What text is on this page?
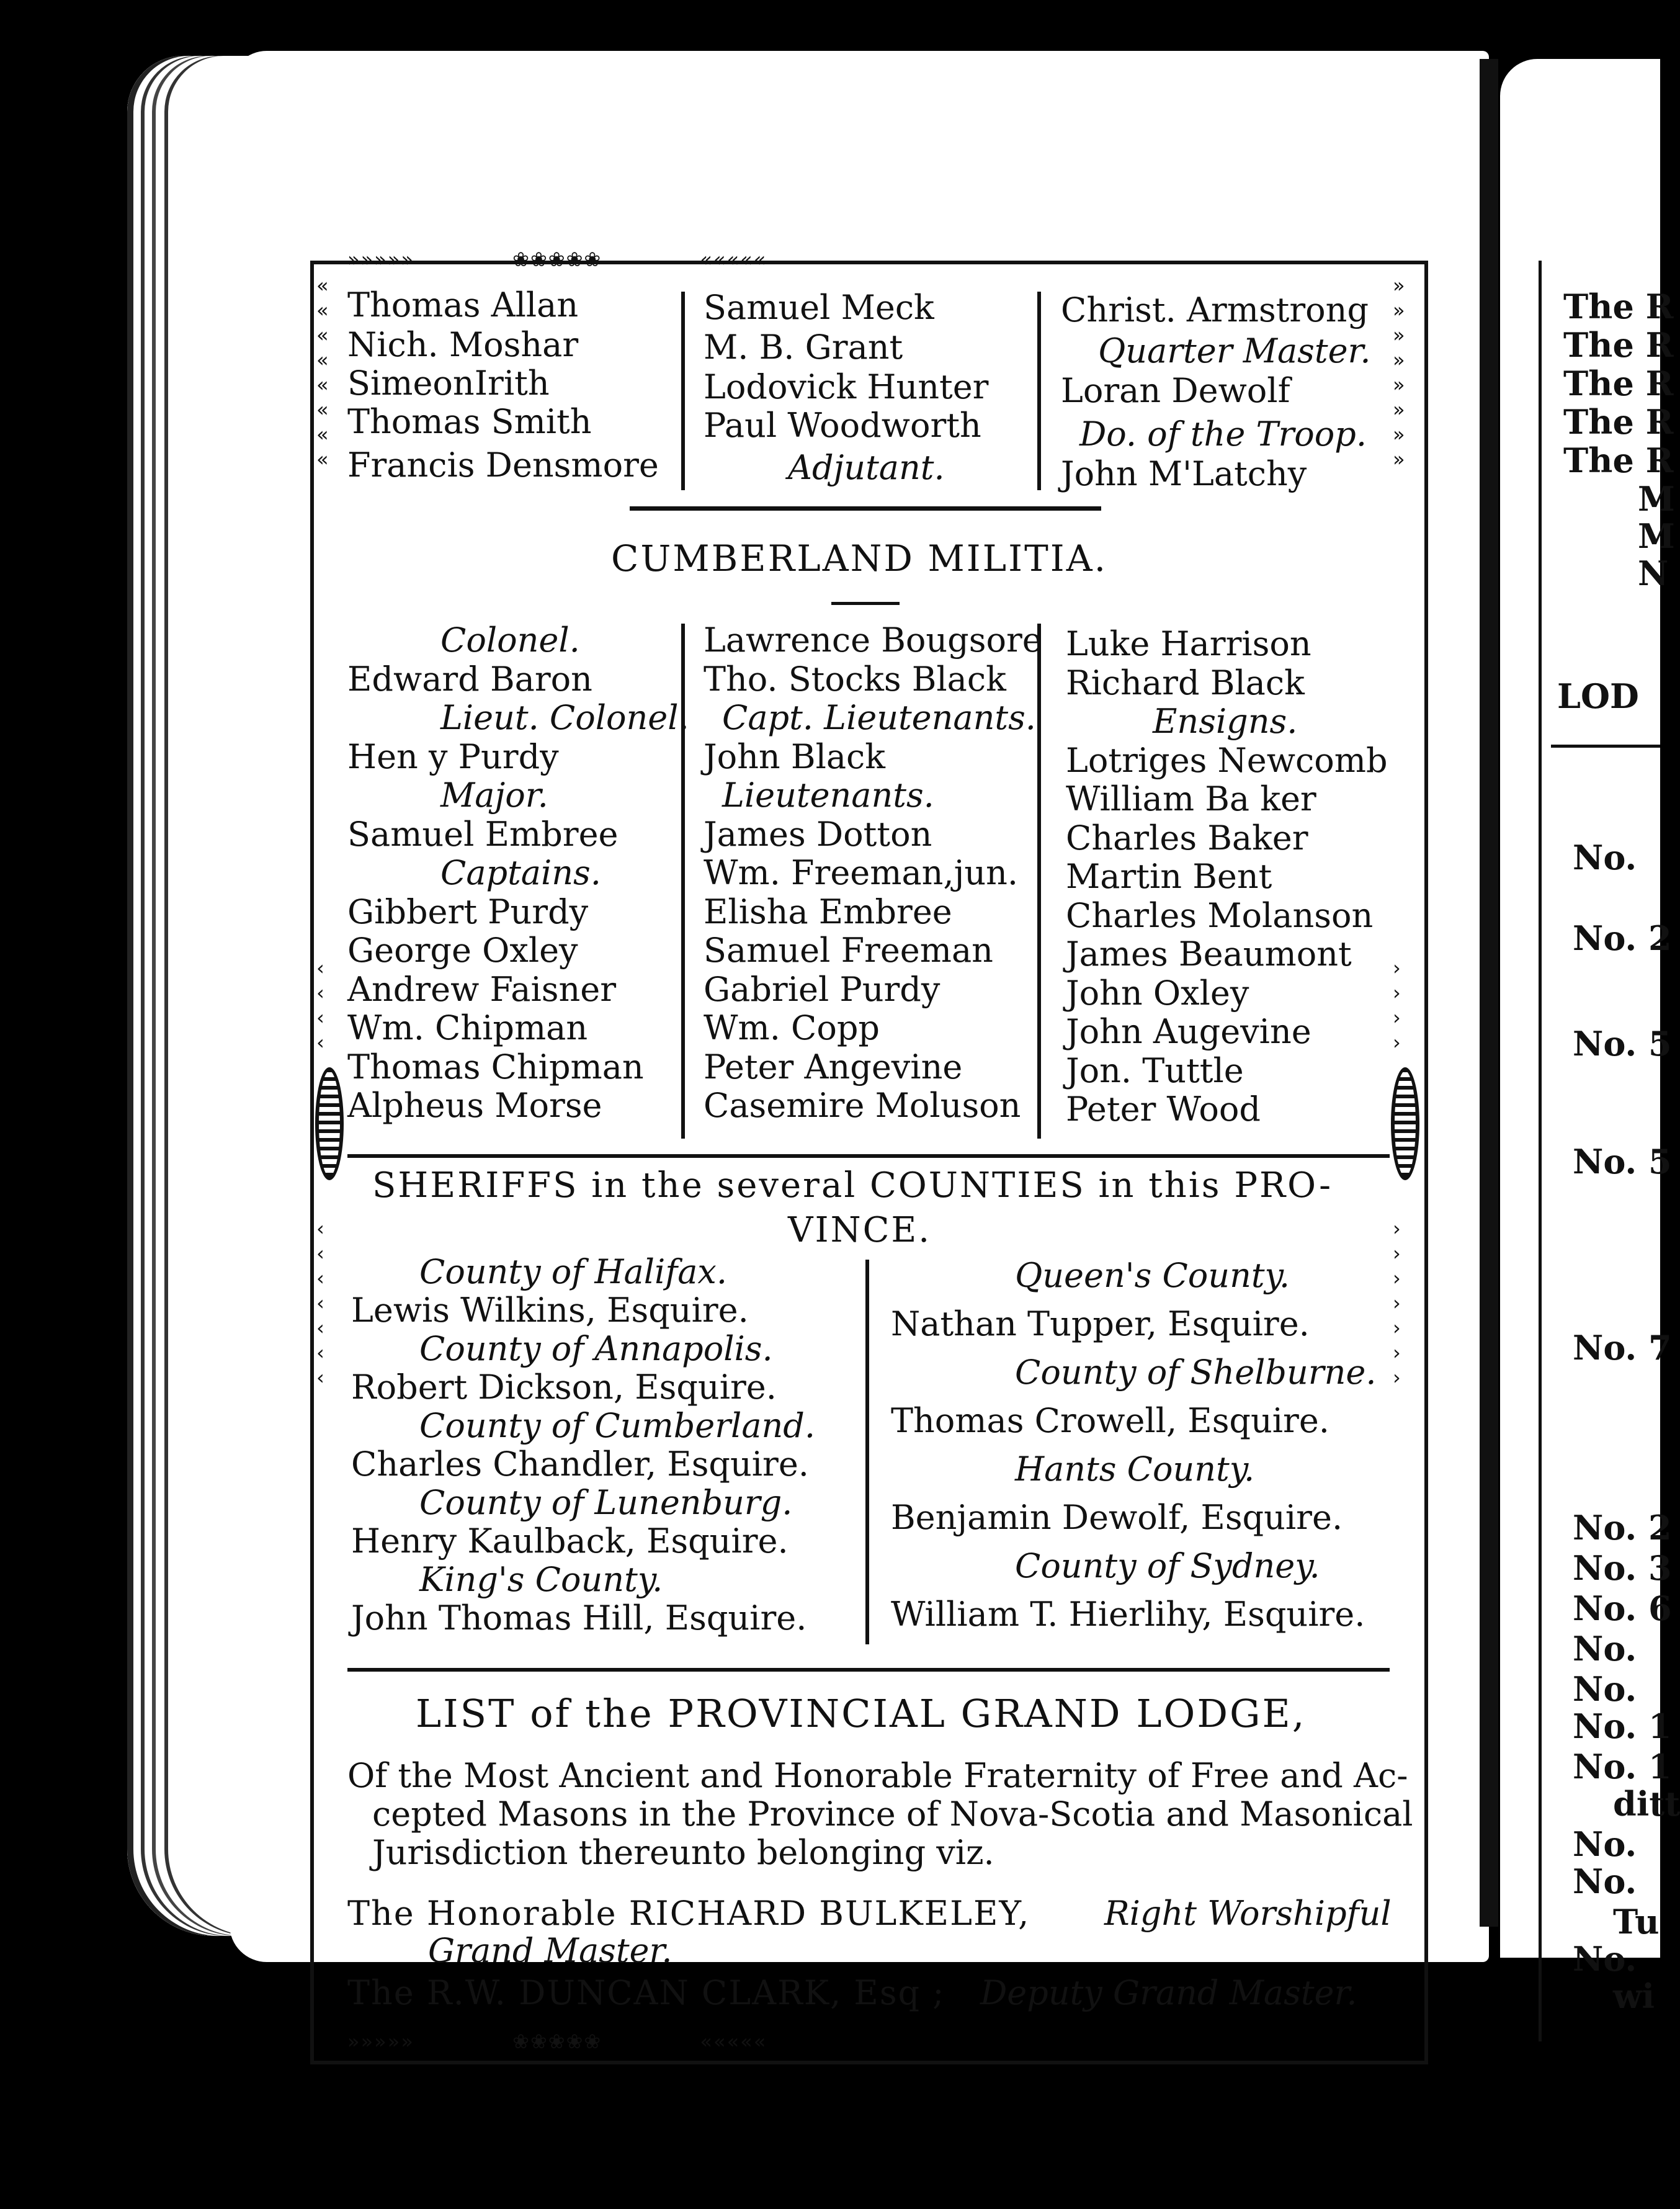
»»»»»             ❀❀❀❀❀             «««««
»»»»»             ❀❀❀❀❀             «««««
«
«
«
«
«
«
«
«
»
»
»
»
»
»
»
»
‹
‹
‹
‹
›
›
›
›
‹
‹
‹
‹
‹
‹
‹
›
›
›
›
›
›
›
Thomas Allan
Nich. Moshar
SimeonIrith
Thomas Smith
Francis Densmore
Samuel Meck
M. B. Grant
Lodovick Hunter
Paul Woodworth
Adjutant.
Christ. Armstrong
Quarter Master.
Loran Dewolf
Do. of the Troop.
John M'Latchy
CUMBERLAND MILITIA.
Colonel.
Edward Baron
Lieut. Colonel.
Hen y Purdy
Major.
Samuel Embree
Captains.
Gibbert Purdy
George Oxley
Andrew Faisner
Wm. Chipman
Thomas Chipman
Alpheus Morse
Lawrence Bougsore
Tho. Stocks Black
Capt. Lieutenants.
John Black
Lieutenants.
James Dotton
Wm. Freeman,jun.
Elisha Embree
Samuel Freeman
Gabriel Purdy
Wm. Copp
Peter Angevine
Casemire Moluson
Luke Harrison
Richard Black
Ensigns.
Lotriges Newcomb
William Ba ker
Charles Baker
Martin Bent
Charles Molanson
James Beaumont
John Oxley
John Augevine
Jon. Tuttle
Peter Wood
SHERIFFS in the several COUNTIES in this PRO-
VINCE.
County of Halifax.
Lewis Wilkins, Esquire.
County of Annapolis.
Robert Dickson, Esquire.
County of Cumberland.
Charles Chandler, Esquire.
County of Lunenburg.
Henry Kaulback, Esquire.
King's County.
John Thomas Hill, Esquire.
Queen's County.
Nathan Tupper, Esquire.
County of Shelburne.
Thomas Crowell, Esquire.
Hants County.
Benjamin Dewolf, Esquire.
County of Sydney.
William T. Hierlihy, Esquire.
LIST of the PROVINCIAL GRAND LODGE,
Of the Most Ancient and Honorable Fraternity of Free and Ac-
cepted Masons in the Province of Nova-Scotia and Masonical
Jurisdiction thereunto belonging viz.
The Honorable RICHARD BULKELEY, Right Worshipful
Grand Master.
The R.W. DUNCAN CLARK, Esq ; Deputy Grand Master.
The R
The R
The R
The R
The R
M
M
N
LOD
No.
No. 2
No. 5
No. 5
No. 7
No. 2
No. 3
No. 6
No.
No.
No. 1
No. 1
ditt
No.
No.
Tu
No.
wi
